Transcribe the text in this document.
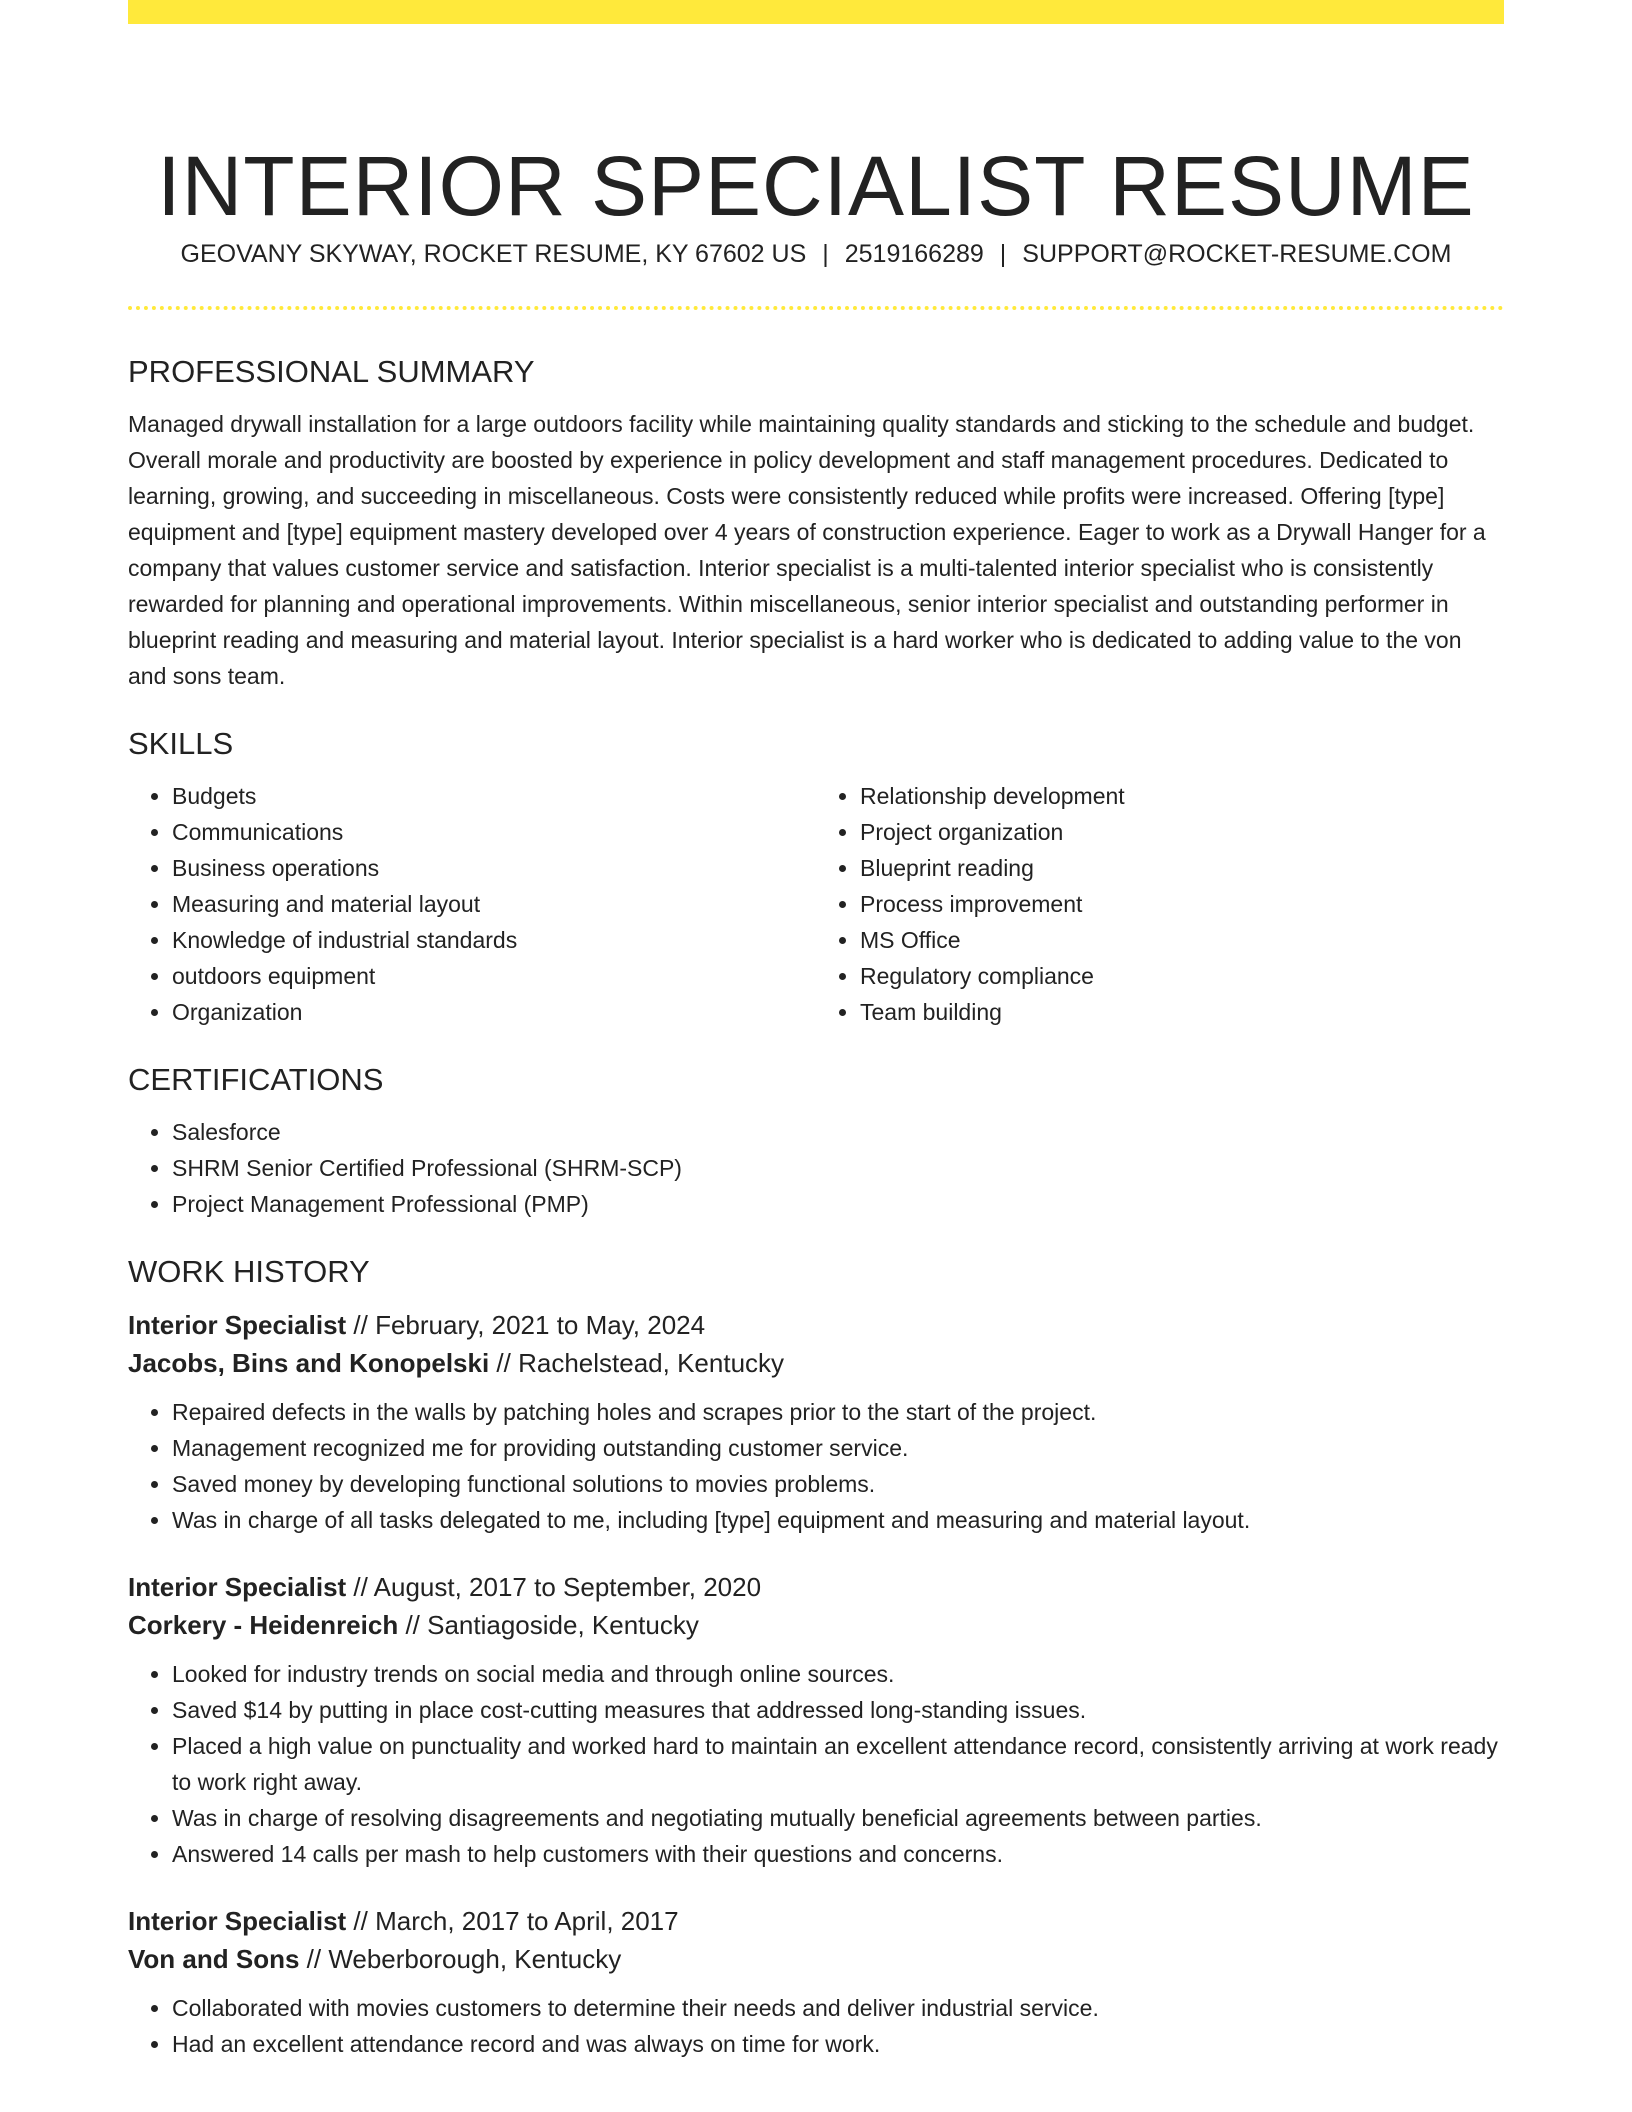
INTERIOR SPECIALIST RESUME
GEOVANY SKYWAY, ROCKET RESUME, KY 67602 US | 2519166289 | SUPPORT@ROCKET-RESUME.COM
PROFESSIONAL SUMMARY

Managed drywall installation for a large outdoors facility while maintaining quality standards and sticking to the schedule and budget. Overall morale and productivity are boosted by experience in policy development and staff management procedures. Dedicated to learning, growing, and succeeding in miscellaneous. Costs were consistently reduced while profits were increased. Offering [type] equipment and [type] equipment mastery developed over 4 years of construction experience. Eager to work as a Drywall Hanger for a company that values customer service and satisfaction. Interior specialist is a multi-talented interior specialist who is consistently rewarded for planning and operational improvements. Within miscellaneous, senior interior specialist and outstanding performer in blueprint reading and measuring and material layout. Interior specialist is a hard worker who is dedicated to adding value to the von and sons team.

SKILLS
• Budgets
• Communications
• Business operations
• Measuring and material layout
• Knowledge of industrial standards
• outdoors equipment
• Organization
• Relationship development
• Project organization
• Blueprint reading
• Process improvement
• MS Office
• Regulatory compliance
• Team building
CERTIFICATIONS
• Salesforce
• SHRM Senior Certified Professional (SHRM-SCP)
• Project Management Professional (PMP)
WORK HISTORY
Interior Specialist // February, 2021 to May, 2024
Jacobs, Bins and Konopelski // Rachelstead, Kentucky
• Repaired defects in the walls by patching holes and scrapes prior to the start of the project.
• Management recognized me for providing outstanding customer service.
• Saved money by developing functional solutions to movies problems.
• Was in charge of all tasks delegated to me, including [type] equipment and measuring and material layout.
Interior Specialist // August, 2017 to September, 2020
Corkery - Heidenreich // Santiagoside, Kentucky
• Looked for industry trends on social media and through online sources.
• Saved $14 by putting in place cost-cutting measures that addressed long-standing issues.
• Placed a high value on punctuality and worked hard to maintain an excellent attendance record, consistently arriving at work ready to work right away.
• Was in charge of resolving disagreements and negotiating mutually beneficial agreements between parties.
• Answered 14 calls per mash to help customers with their questions and concerns.
Interior Specialist // March, 2017 to April, 2017
Von and Sons // Weberborough, Kentucky
• Collaborated with movies customers to determine their needs and deliver industrial service.
• Had an excellent attendance record and was always on time for work.
